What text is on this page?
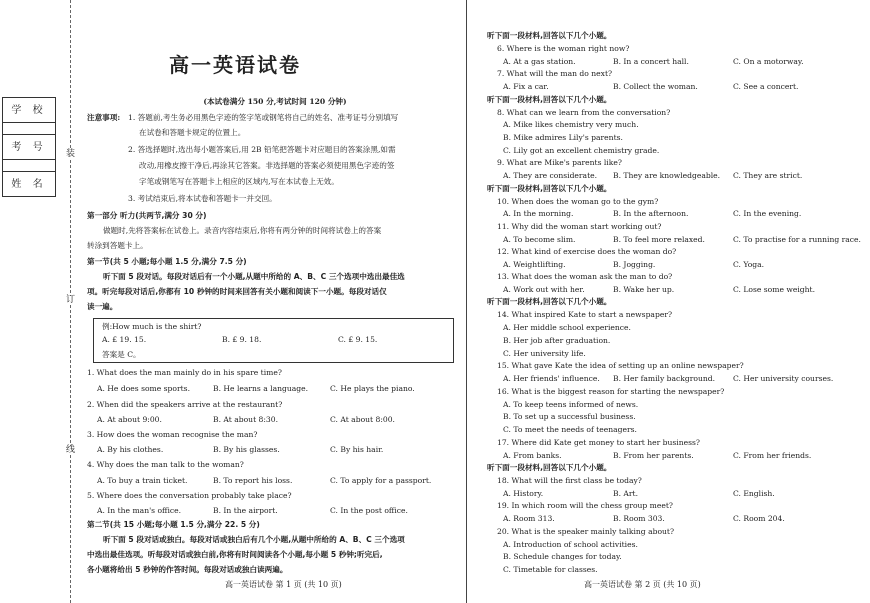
装
订
线
学 校
考 号
姓 名
高一英语试卷
(本试卷满分 150 分,考试时间 120 分钟)
注意事项: 1. 答题前,考生务必用黑色字迹的签字笔或钢笔将自己的姓名、准考证号分别填写
在试卷和答题卡规定的位置上。
2. 答选择题时,选出每小题答案后,用 2B 铅笔把答题卡对应题目的答案涂黑,如需
改动,用橡皮擦干净后,再涂其它答案。非选择题的答案必须使用黑色字迹的签
字笔或钢笔写在答题卡上相应的区域内,写在本试卷上无效。
3. 考试结束后,将本试卷和答题卡一并交回。
第一部分 听力(共两节,满分 30 分)
做题时,先将答案标在试卷上。录音内容结束后,你将有两分钟的时间将试卷上的答案
转涂到答题卡上。
第一节(共 5 小题;每小题 1.5 分,满分 7.5 分)
听下面 5 段对话。每段对话后有一个小题,从题中所给的 A、B、C 三个选项中选出最佳选
项。听完每段对话后,你都有 10 秒钟的时间来回答有关小题和阅读下一小题。每段对话仅
读一遍。
例:How much is the shirt?
A. £ 19. 15.	B. £ 9. 18.	C. £ 9. 15.
答案是 C。
1. What does the man mainly do in his spare time?
A. He does some sports.	B. He learns a language.	C. He plays the piano.
2. When did the speakers arrive at the restaurant?
A. At about 9:00.	B. At about 8:30.	C. At about 8:00.
3. How does the woman recognise the man?
A. By his clothes.	B. By his glasses.	C. By his hair.
4. Why does the man talk to the woman?
A. To buy a train ticket.	B. To report his loss.	C. To apply for a passport.
5. Where does the conversation probably take place?
A. In the man's office.	B. In the airport.	C. In the post office.
第二节(共 15 小题;每小题 1.5 分,满分 22. 5 分)
听下面 5 段对话或独白。每段对话或独白后有几个小题,从题中所给的 A、B、C 三个选项
中选出最佳选项。听每段对话或独白前,你将有时间阅读各个小题,每小题 5 秒钟;听完后,
各小题将给出 5 秒钟的作答时间。每段对话或独白读两遍。
高一英语试卷 第 1 页 (共 10 页)
听下面一段材料,回答以下几个小题。
6. Where is the woman right now?
A. At a gas station.	B. In a concert hall.	C. On a motorway.
7. What will the man do next?
A. Fix a car.	B. Collect the woman.	C. See a concert.
听下面一段材料,回答以下几个小题。
8. What can we learn from the conversation?
A. Mike likes chemistry very much.
B. Mike admires Lily's parents.
C. Lily got an excellent chemistry grade.
9. What are Mike's parents like?
A. They are considerate. B. They are knowledgeable. C. They are strict.
听下面一段材料,回答以下几个小题。
10. When does the woman go to the gym?
A. In the morning.	B. In the afternoon.	C. In the evening.
11. Why did the woman start working out?
A. To become slim.	B. To feel more relaxed.	C. To practise for a running race.
12. What kind of exercise does the woman do?
A. Weightlifting.	B. Jogging.	C. Yoga.
13. What does the woman ask the man to do?
A. Work out with her.	B. Wake her up.	C. Lose some weight.
听下面一段材料,回答以下几个小题。
14. What inspired Kate to start a newspaper?
A. Her middle school experience.
B. Her job after graduation.
C. Her university life.
15. What gave Kate the idea of setting up an online newspaper?
A. Her friends' influence. B. Her family background. C. Her university courses.
16. What is the biggest reason for starting the newspaper?
A. To keep teens informed of news.
B. To set up a successful business.
C. To meet the needs of teenagers.
17. Where did Kate get money to start her business?
A. From banks.	B. From her parents.	C. From her friends.
听下面一段材料,回答以下几个小题。
18. What will the first class be today?
A. History.	B. Art.	C. English.
19. In which room will the chess group meet?
A. Room 313.	B. Room 303.	C. Room 204.
20. What is the speaker mainly talking about?
A. Introduction of school activities.
B. Schedule changes for today.
C. Timetable for classes.
高一英语试卷 第 2 页 (共 10 页)
